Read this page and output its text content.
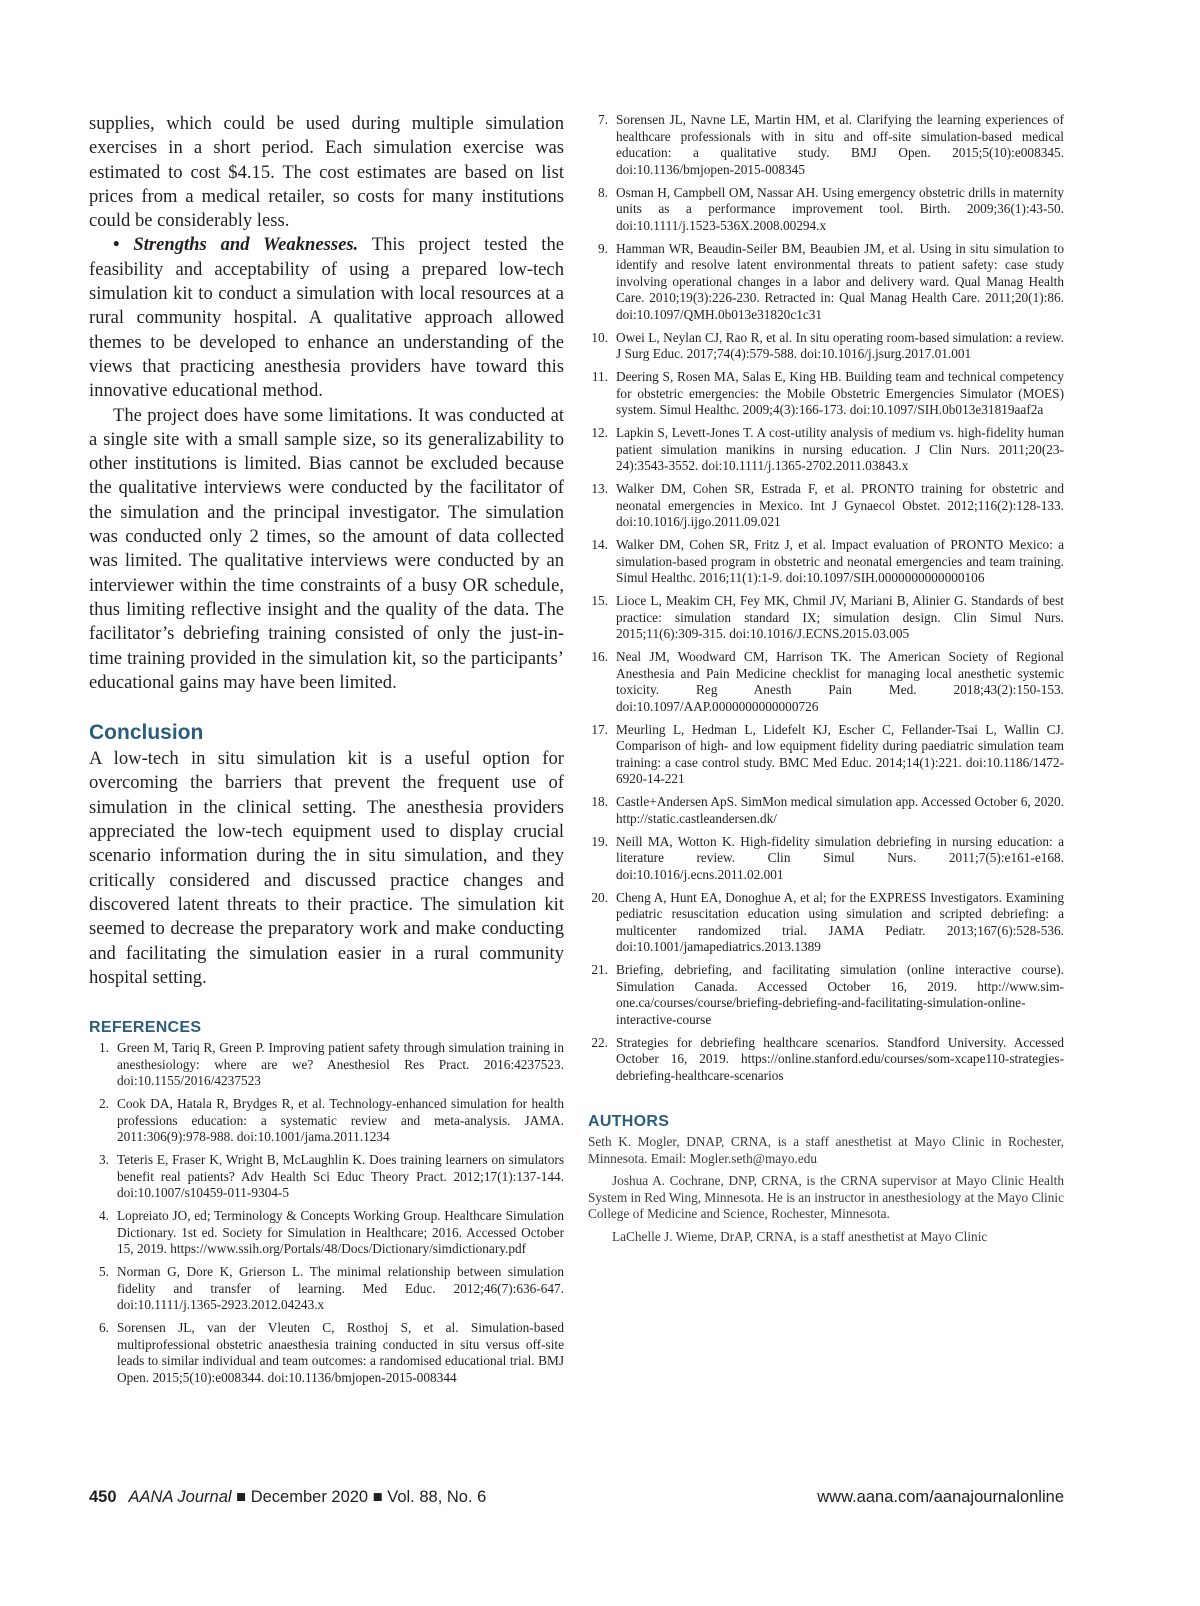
supplies, which could be used during multiple simulation exercises in a short period. Each simulation exercise was estimated to cost $4.15. The cost estimates are based on list prices from a medical retailer, so costs for many institutions could be considerably less.

• Strengths and Weaknesses. This project tested the feasibility and acceptability of using a prepared low-tech simulation kit to conduct a simulation with local resources at a rural community hospital. A qualitative approach allowed themes to be developed to enhance an understanding of the views that practicing anesthesia providers have toward this innovative educational method.

The project does have some limitations. It was conducted at a single site with a small sample size, so its generalizability to other institutions is limited. Bias cannot be excluded because the qualitative interviews were conducted by the facilitator of the simulation and the principal investigator. The simulation was conducted only 2 times, so the amount of data collected was limited. The qualitative interviews were conducted by an interviewer within the time constraints of a busy OR schedule, thus limiting reflective insight and the quality of the data. The facilitator’s debriefing training consisted of only the just-in-time training provided in the simulation kit, so the participants’ educational gains may have been limited.

Conclusion

A low-tech in situ simulation kit is a useful option for overcoming the barriers that prevent the frequent use of simulation in the clinical setting. The anesthesia providers appreciated the low-tech equipment used to display crucial scenario information during the in situ simulation, and they critically considered and discussed practice changes and discovered latent threats to their practice. The simulation kit seemed to decrease the preparatory work and make conducting and facilitating the simulation easier in a rural community hospital setting.

REFERENCES
1. Green M, Tariq R, Green P. Improving patient safety through simulation training in anesthesiology: where are we? Anesthesiol Res Pract. 2016:4237523. doi:10.1155/2016/4237523
2. Cook DA, Hatala R, Brydges R, et al. Technology-enhanced simulation for health professions education: a systematic review and meta-analysis. JAMA. 2011:306(9):978-988. doi:10.1001/jama.2011.1234
3. Teteris E, Fraser K, Wright B, McLaughlin K. Does training learners on simulators benefit real patients? Adv Health Sci Educ Theory Pract. 2012;17(1):137-144. doi:10.1007/s10459-011-9304-5
4. Lopreiato JO, ed; Terminology & Concepts Working Group. Healthcare Simulation Dictionary. 1st ed. Society for Simulation in Healthcare; 2016. Accessed October 15, 2019. https://www.ssih.org/Portals/48/Docs/Dictionary/simdictionary.pdf
5. Norman G, Dore K, Grierson L. The minimal relationship between simulation fidelity and transfer of learning. Med Educ. 2012;46(7):636-647. doi:10.1111/j.1365-2923.2012.04243.x
6. Sorensen JL, van der Vleuten C, Rosthoj S, et al. Simulation-based multiprofessional obstetric anaesthesia training conducted in situ versus off-site leads to similar individual and team outcomes: a randomised educational trial. BMJ Open. 2015;5(10):e008344. doi:10.1136/bmjopen-2015-008344
7. Sorensen JL, Navne LE, Martin HM, et al. Clarifying the learning experiences of healthcare professionals with in situ and off-site simulation-based medical education: a qualitative study. BMJ Open. 2015;5(10):e008345. doi:10.1136/bmjopen-2015-008345
8. Osman H, Campbell OM, Nassar AH. Using emergency obstetric drills in maternity units as a performance improvement tool. Birth. 2009;36(1):43-50. doi:10.1111/j.1523-536X.2008.00294.x
9. Hamman WR, Beaudin-Seiler BM, Beaubien JM, et al. Using in situ simulation to identify and resolve latent environmental threats to patient safety: case study involving operational changes in a labor and delivery ward. Qual Manag Health Care. 2010;19(3):226-230. Retracted in: Qual Manag Health Care. 2011;20(1):86. doi:10.1097/QMH.0b013e31820c1c31
10. Owei L, Neylan CJ, Rao R, et al. In situ operating room-based simulation: a review. J Surg Educ. 2017;74(4):579-588. doi:10.1016/j.jsurg.2017.01.001
11. Deering S, Rosen MA, Salas E, King HB. Building team and technical competency for obstetric emergencies: the Mobile Obstetric Emergencies Simulator (MOES) system. Simul Healthc. 2009;4(3):166-173. doi:10.1097/SIH.0b013e31819aaf2a
12. Lapkin S, Levett-Jones T. A cost-utility analysis of medium vs. high-fidelity human patient simulation manikins in nursing education. J Clin Nurs. 2011;20(23-24):3543-3552. doi:10.1111/j.1365-2702.2011.03843.x
13. Walker DM, Cohen SR, Estrada F, et al. PRONTO training for obstetric and neonatal emergencies in Mexico. Int J Gynaecol Obstet. 2012;116(2):128-133. doi:10.1016/j.ijgo.2011.09.021
14. Walker DM, Cohen SR, Fritz J, et al. Impact evaluation of PRONTO Mexico: a simulation-based program in obstetric and neonatal emergencies and team training. Simul Healthc. 2016;11(1):1-9. doi:10.1097/SIH.0000000000000106
15. Lioce L, Meakim CH, Fey MK, Chmil JV, Mariani B, Alinier G. Standards of best practice: simulation standard IX; simulation design. Clin Simul Nurs. 2015;11(6):309-315. doi:10.1016/J.ECNS.2015.03.005
16. Neal JM, Woodward CM, Harrison TK. The American Society of Regional Anesthesia and Pain Medicine checklist for managing local anesthetic systemic toxicity. Reg Anesth Pain Med. 2018;43(2):150-153. doi:10.1097/AAP.0000000000000726
17. Meurling L, Hedman L, Lidefelt KJ, Escher C, Fellander-Tsai L, Wallin CJ. Comparison of high- and low equipment fidelity during paediatric simulation team training: a case control study. BMC Med Educ. 2014;14(1):221. doi:10.1186/1472-6920-14-221
18. Castle+Andersen ApS. SimMon medical simulation app. Accessed October 6, 2020. http://static.castleandersen.dk/
19. Neill MA, Wotton K. High-fidelity simulation debriefing in nursing education: a literature review. Clin Simul Nurs. 2011;7(5):e161-e168. doi:10.1016/j.ecns.2011.02.001
20. Cheng A, Hunt EA, Donoghue A, et al; for the EXPRESS Investigators. Examining pediatric resuscitation education using simulation and scripted debriefing: a multicenter randomized trial. JAMA Pediatr. 2013;167(6):528-536. doi:10.1001/jamapediatrics.2013.1389
21. Briefing, debriefing, and facilitating simulation (online interactive course). Simulation Canada. Accessed October 16, 2019. http://www.sim-one.ca/courses/course/briefing-debriefing-and-facilitating-simulation-online-interactive-course
22. Strategies for debriefing healthcare scenarios. Standford University. Accessed October 16, 2019. https://online.stanford.edu/courses/som-xcape110-strategies-debriefing-healthcare-scenarios
AUTHORS

Seth K. Mogler, DNAP, CRNA, is a staff anesthetist at Mayo Clinic in Rochester, Minnesota. Email: Mogler.seth@mayo.edu

Joshua A. Cochrane, DNP, CRNA, is the CRNA supervisor at Mayo Clinic Health System in Red Wing, Minnesota. He is an instructor in anesthesiology at the Mayo Clinic College of Medicine and Science, Rochester, Minnesota.

LaChelle J. Wieme, DrAP, CRNA, is a staff anesthetist at Mayo Clinic

450 AANA Journal ■ December 2020 ■ Vol. 88, No. 6	www.aana.com/aanajournalonline
